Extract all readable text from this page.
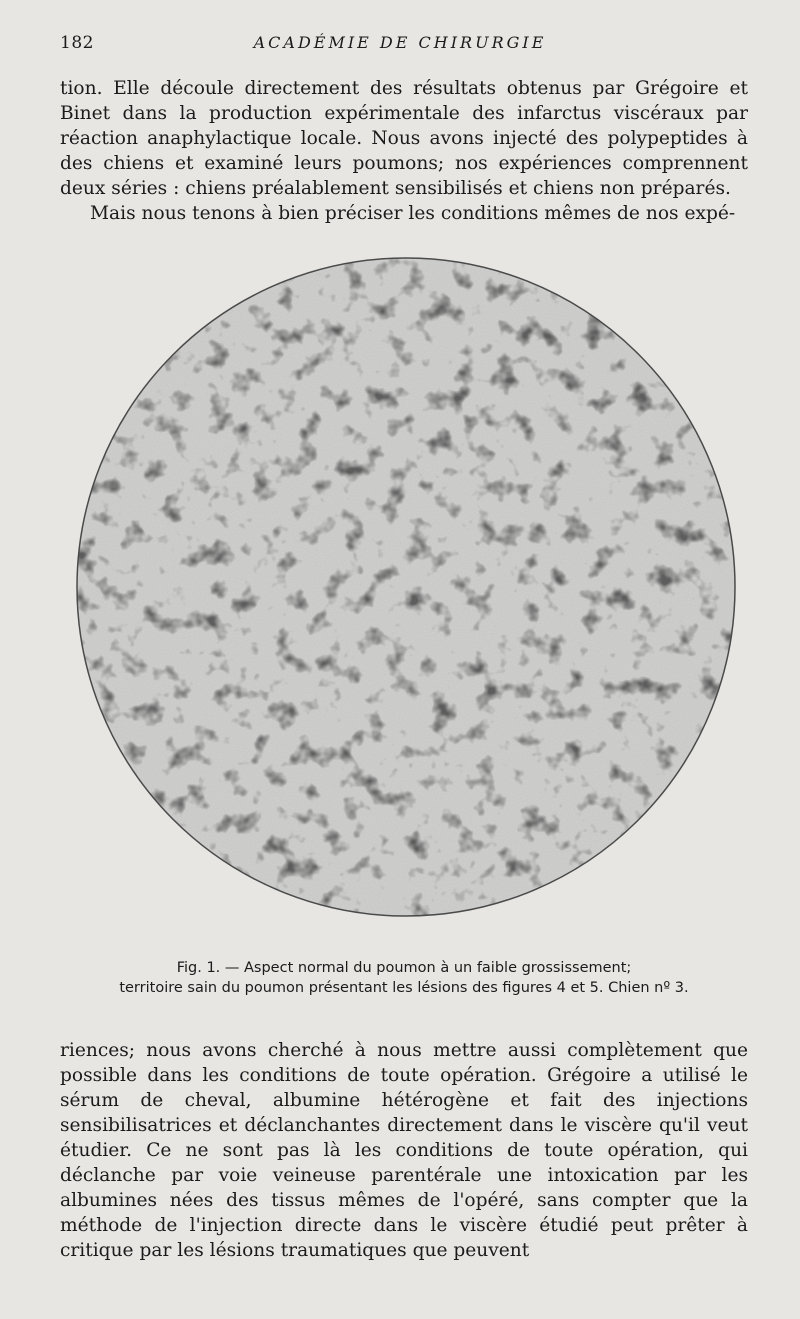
182	ACADÉMIE DE CHIRURGIE

tion. Elle découle directement des résultats obtenus par Grégoire et Binet dans la production expérimentale des infarctus viscéraux par réaction anaphylactique locale. Nous avons injecté des polypeptides à des chiens et examiné leurs poumons; nos expériences comprennent deux séries : chiens préalablement sensibilisés et chiens non préparés.

Mais nous tenons à bien préciser les conditions mêmes de nos expé-

Fig. 1. — Aspect normal du poumon à un faible grossissement;
territoire sain du poumon présentant les lésions des figures 4 et 5. Chien nº 3.

riences; nous avons cherché à nous mettre aussi complètement que possible dans les conditions de toute opération. Grégoire a utilisé le sérum de cheval, albumine hétérogène et fait des injections sensibilisatrices et déclanchantes directement dans le viscère qu'il veut étudier. Ce ne sont pas là les conditions de toute opération, qui déclanche par voie veineuse parentérale une intoxication par les albumines nées des tissus mêmes de l'opéré, sans compter que la méthode de l'injection directe dans le viscère étudié peut prêter à critique par les lésions traumatiques que peuvent
